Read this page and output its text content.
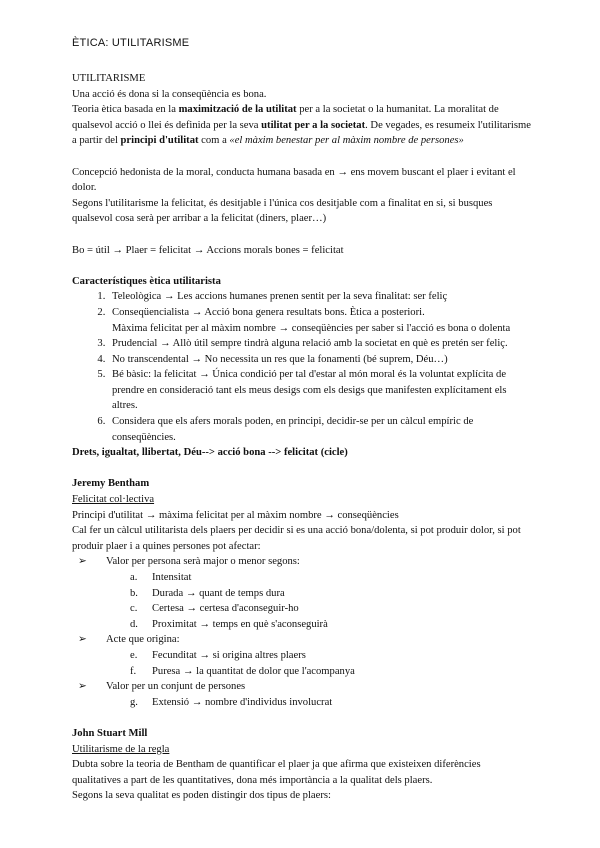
ÈTICA: UTILITARISME

UTILITARISME

Una acció és dona si la conseqüència es bona.

Teoria ètica basada en la maximització de la utilitat per a la societat o la humanitat. La moralitat de qualsevol acció o llei és definida per la seva utilitat per a la societat. De vegades, es resumeix l'utilitarisme a partir del principi d'utilitat com a «el màxim benestar per al màxim nombre de persones»

Concepció hedonista de la moral, conducta humana basada en → ens movem buscant el plaer i evitant el dolor.

Segons l'utilitarisme la felicitat, és desitjable i l'única cos desitjable com a finalitat en si, si busques qualsevol cosa serà per arribar a la felicitat (diners, plaer…)

Bo = útil → Plaer = felicitat → Accions morals bones = felicitat

Característiques ètica utilitarista

1. Teleològica → Les accions humanes prenen sentit per la seva finalitat: ser feliç
2. Conseqüencialista → Acció bona genera resultats bons. Ètica a posteriori.
Màxima felicitat per al màxim nombre → conseqüències per saber si l'acció es bona o dolenta
3. Prudencial → Allò útil sempre tindrà alguna relació amb la societat en què es pretén ser feliç.
4. No transcendental → No necessita un res que la fonamenti (bé suprem, Déu…)
5. Bé bàsic: la felicitat → Única condició per tal d'estar al món moral és la voluntat explícita de prendre en consideració tant els meus desigs com els desigs que manifesten explícitament els altres.
6. Considera que els afers morals poden, en principi, decidir-se per un càlcul empíric de conseqüències.

Drets, igualtat, llibertat, Déu--> acció bona --> felicitat (cicle)

Jeremy Bentham

Felicitat col·lectiva

Principi d'utilitat → màxima felicitat per al màxim nombre → conseqüències

Cal fer un càlcul utilitarista dels plaers per decidir si es una acció bona/dolenta, si pot produir dolor, si pot produir plaer i a quines persones pot afectar:

➢ Valor per persona serà major o menor segons:
a. Intensitat
b. Durada → quant de temps dura
c. Certesa → certesa d'aconseguir-ho
d. Proximitat → temps en què s'aconseguirà
➢ Acte que origina:
e. Fecunditat → si origina altres plaers
f. Puresa → la quantitat de dolor que l'acompanya
➢ Valor per un conjunt de persones
g. Extensió → nombre d'individus involucrat

John Stuart Mill

Utilitarisme de la regla

Dubta sobre la teoria de Bentham de quantificar el plaer ja que afirma que existeixen diferències qualitatives a part de les quantitatives, dona més importància a la qualitat dels plaers.

Segons la seva qualitat es poden distingir dos tipus de plaers:
